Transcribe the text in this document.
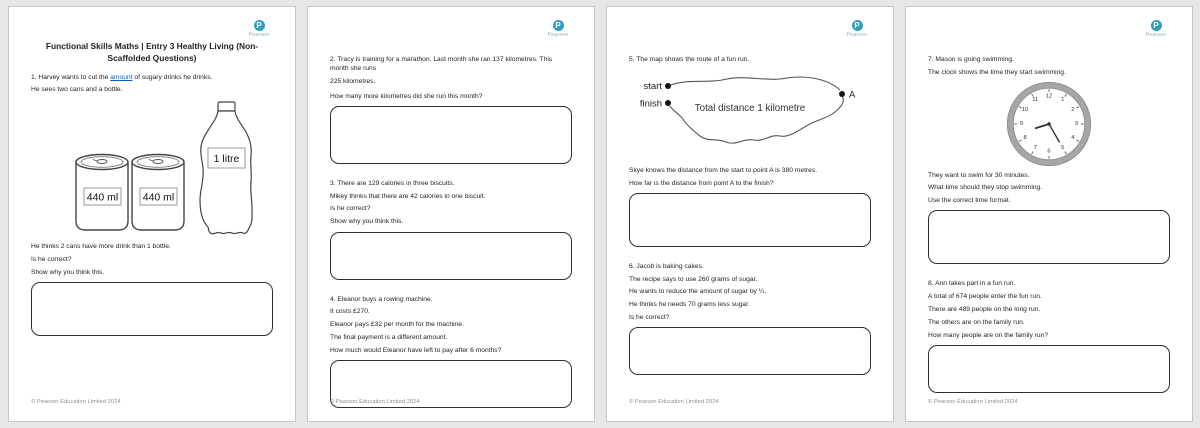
P
Pearson
Functional Skills Maths | Entry 3 Healthy Living (Non-Scaffolded Questions)

1. Harvey wants to cut the amount of sugary drinks he drinks.

He sees two cans and a bottle.

440 ml 440 ml
1 litre

He thinks 2 cans have more drink than 1 bottle.

Is he correct?

Show why you think this.

© Pearson Education Limited 2024
P
Pearson

2. Tracy is training for a marathon. Last month she ran 137 kilometres. This month she runs

225 kilometres.

How many more kilometres did she run this month?

3. There are 129 calories in three biscuits.

Mikey thinks that there are 42 calories in one biscuit.

Is he correct?

Show why you think this.

4. Eleanor buys a rowing machine.

It costs £270.

Eleanor pays £32 per month for the machine.

The final payment is a different amount.

How much would Eleanor have left to pay after 6 months?

© Pearson Education Limited 2024
P
Pearson

5. The map shows the route of a fun run.

start
finish
A
Total distance 1 kilometre

Skye knows the distance from the start to point A is 380 metres.

How far is the distance from point A to the finish?

6. Jacob is baking cakes.

The recipe says to use 260 grams of sugar.

He wants to reduce the amount of sugar by ¼.

He thinks he needs 70 grams less sugar.

Is he correct?

© Pearson Education Limited 2024
P
Pearson

7. Mason is going swimming.

The clock shows the time they start swimming.

12
1
2
3
4
5
6
7
8
9
10
11

They want to swim for 30 minutes.

What time should they stop swimming.

Use the correct time format.

8. Ann takes part in a fun run.

A total of 674 people enter the fun run.

There are 489 people on the long run.

The others are on the family run.

How many people are on the family run?

© Pearson Education Limited 2024
